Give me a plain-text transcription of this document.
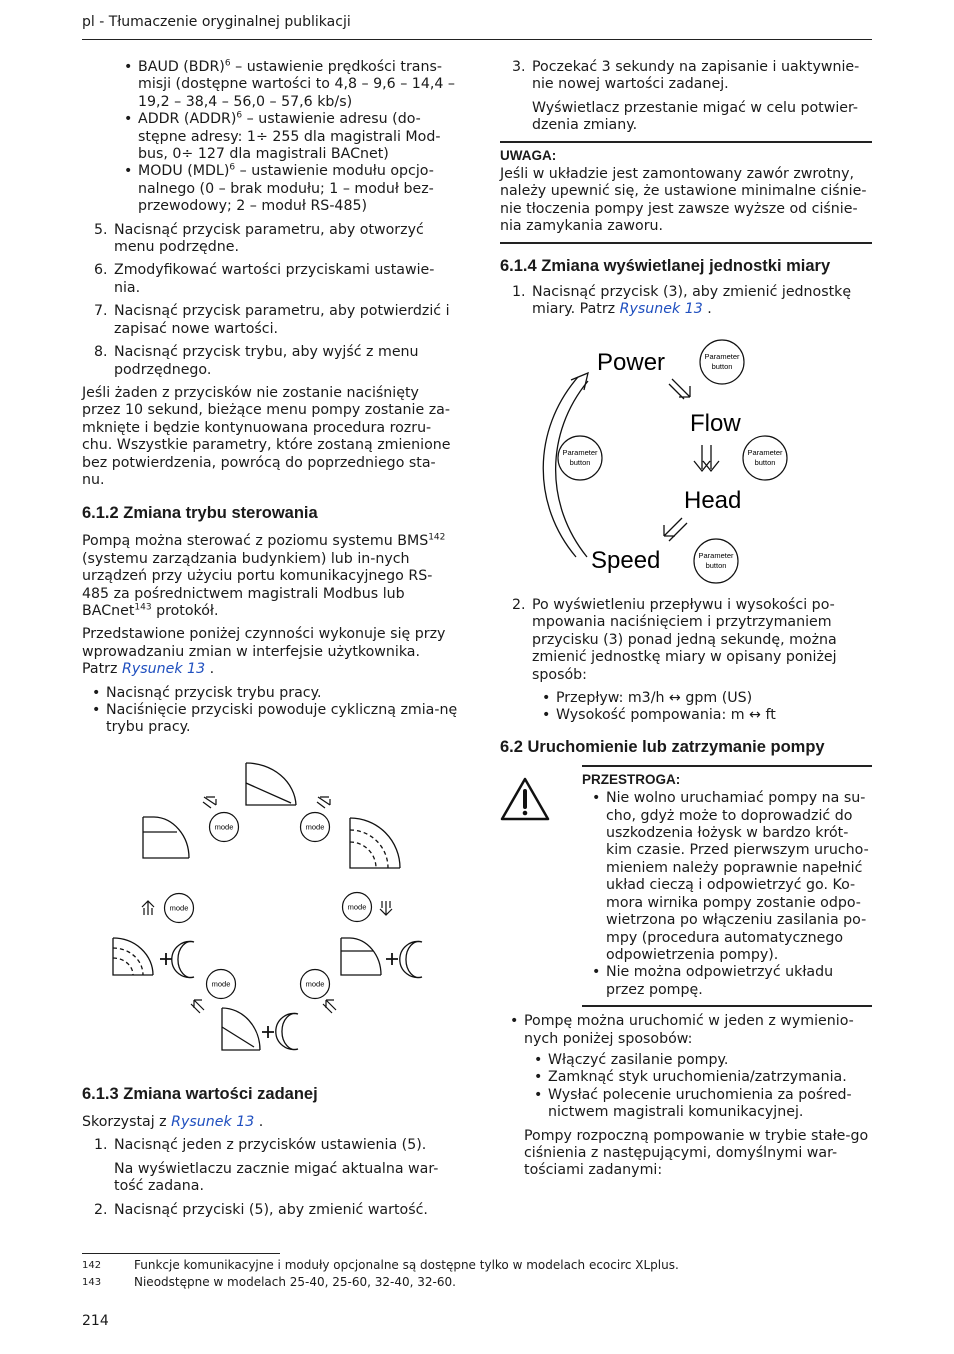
pl - Tłumaczenie oryginalnej publikacji
• BAUD (BDR)$^6$ – ustawienie prędkości trans-misji (dostępne wartości to 4,8 – 9,6 – 14,4 – 19,2 – 38,4 – 56,0 – 57,6 kb/s)
• ADDR (ADDR)$^6$ – ustawienie adresu (do-stępne adresy: 1÷ 255 dla magistrali Mod-bus, 0÷ 127 dla magistrali BACnet)
• MODU (MDL)$^6$ – ustawienie modułu opcjo-nalnego (0 – brak modułu; 1 – moduł bez-przewodowy; 2 – moduł RS-485)
5. Nacisnąć przycisk parametru, aby otworzyć menu podrzędne.
6. Zmodyfikować wartości przyciskami ustawie-nia.
7. Nacisnąć przycisk parametru, aby potwierdzić i zapisać nowe wartości.
8. Nacisnąć przycisk trybu, aby wyjść z menu podrzędnego.

Jeśli żaden z przycisków nie zostanie naciśnięty przez 10 sekund, bieżące menu pompy zostanie za-mknięte i będzie kontynuowana procedura rozru-chu. Wszystkie parametry, które zostaną zmienione bez potwierdzenia, powrócą do poprzedniego sta-nu.

6.1.2 Zmiana trybu sterowania

Pompą można sterować z poziomu systemu BMS$^{142}$ (systemu zarządzania budynkiem) lub in-nych urządzeń przy użyciu portu komunikacyjnego RS-485 za pośrednictwem magistrali Modbus lub BACnet$^{143}$ protokół.

Przedstawione poniżej czynności wykonuje się przy wprowadzaniu zmian w interfejsie użytkownika. Patrz Rysunek 13 .

• Nacisnąć przycisk trybu pracy.
• Naciśnięcie przyciski powoduje cykliczną zmia-nę trybu pracy.
mode	mode
mode	mode
mode	mode
6.1.3 Zmiana wartości zadanej

Skorzystaj z Rysunek 13 .

1. Nacisnąć jeden z przycisków ustawienia (5).
Na wyświetlaczu zacznie migać aktualna war-tość zadana.
2. Nacisnąć przyciski (5), aby zmienić wartość.
3. Poczekać 3 sekundy na zapisanie i uaktywnie-nie nowej wartości zadanej.
Wyświetlacz przestanie migać w celu potwier-dzenia zmiany.
UWAGA:
Jeśli w układzie jest zamontowany zawór zwrotny, należy upewnić się, że ustawione minimalne ciśnie-nie tłoczenia pompy jest zawsze wyższe od ciśnie-nia zamykania zaworu.
6.1.4 Zmiana wyświetlanej jednostki miary
1. Nacisnąć przycisk (3), aby zmienić jednostkę miary. Patrz Rysunek 13 .
Power
Flow
Head
Speed
Parameter
button
Parameter
button
Parameter
button
Parameter
button
2. Po wyświetleniu przepływu i wysokości po-mpowania naciśnięciem i przytrzymaniem przycisku (3) ponad jedną sekundę, można zmienić jednostkę miary w opisany poniżej sposób:
• Przepływ: m3/h ↔ gpm (US)
• Wysokość pompowania: m ↔ ft
6.2 Uruchomienie lub zatrzymanie pompy
PRZESTROGA:
• Nie wolno uruchamiać pompy na su-cho, gdyż może to doprowadzić do uszkodzenia łożysk w bardzo krót-kim czasie. Przed pierwszym urucho-mieniem należy poprawnie napełnić układ cieczą i odpowietrzyć go. Ko-mora wirnika pompy zostanie odpo-wietrzona po włączeniu zasilania po-mpy (procedura automatycznego odpowietrzenia pompy).
• Nie można odpowietrzyć układu przez pompę.
• Pompę można uruchomić w jeden z wymienio-nych poniżej sposobów:
• Włączyć zasilanie pompy.
• Zamknąć styk uruchomienia/zatrzymania.
• Wysłać polecenie uruchomienia za pośred-nictwem magistrali komunikacyjnej.
Pompy rozpoczną pompowanie w trybie stałe-go ciśnienia z następującymi, domyślnymi war-tościami zadanymi:
142	Funkcje komunikacyjne i moduły opcjonalne są dostępne tylko w modelach ecocirc XLplus.
143	Nieodstępne w modelach 25-40, 25-60, 32-40, 32-60.
214
